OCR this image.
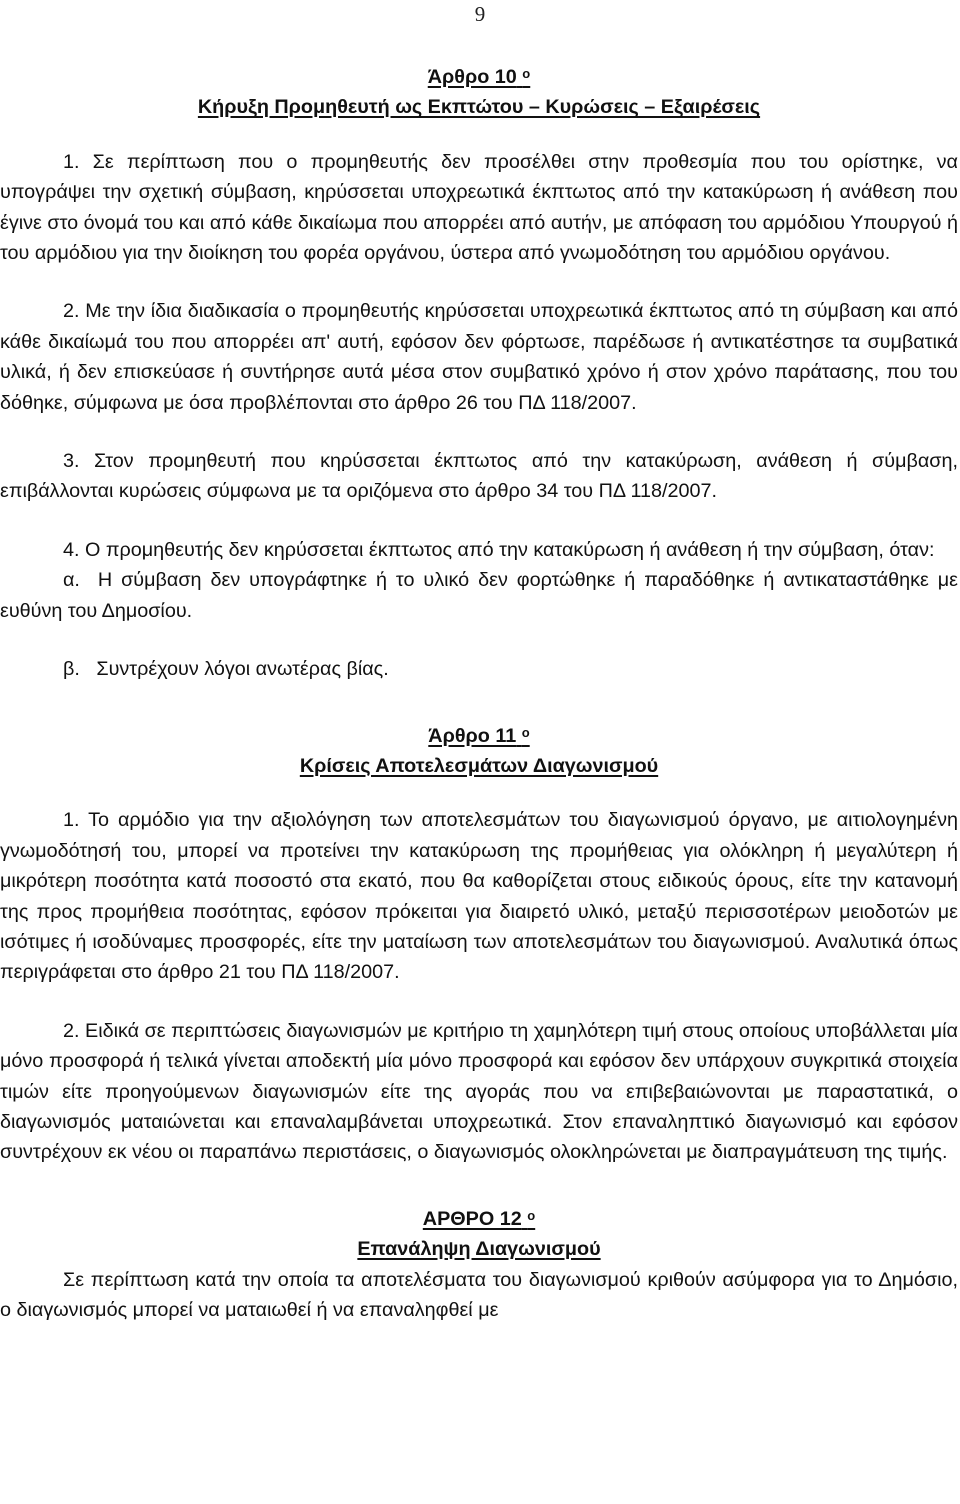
9
Άρθρο 10 $^o$
Κήρυξη Προμηθευτή ως Εκπτώτου – Κυρώσεις – Εξαιρέσεις

1. Σε περίπτωση που ο προμηθευτής δεν προσέλθει στην προθεσμία που του ορίστηκε, να υπογράψει την σχετική σύμβαση, κηρύσσεται υποχρεωτικά έκπτωτος από την κατακύρωση ή ανάθεση που έγινε στο όνομά του και από κάθε δικαίωμα που απορρέει από αυτήν, με απόφαση του αρμόδιου Υπουργού ή του αρμόδιου για την διοίκηση του φορέα οργάνου, ύστερα από γνωμοδότηση του αρμόδιου οργάνου.

2. Με την ίδια διαδικασία ο προμηθευτής κηρύσσεται υποχρεωτικά έκπτωτος από τη σύμβαση και από κάθε δικαίωμά του που απορρέει απ' αυτή, εφόσον δεν φόρτωσε, παρέδωσε ή αντικατέστησε τα συμβατικά υλικά, ή δεν επισκεύασε ή συντήρησε αυτά μέσα στον συμβατικό χρόνο ή στον χρόνο παράτασης, που του δόθηκε, σύμφωνα με όσα προβλέπονται στο άρθρο 26 του ΠΔ 118/2007.

3. Στον προμηθευτή που κηρύσσεται έκπτωτος από την κατακύρωση, ανάθεση ή σύμβαση, επιβάλλονται κυρώσεις σύμφωνα με τα οριζόμενα στο άρθρο 34 του ΠΔ 118/2007.

4. Ο προμηθευτής δεν κηρύσσεται έκπτωτος από την κατακύρωση ή ανάθεση ή την σύμβαση, όταν:

α. Η σύμβαση δεν υπογράφτηκε ή το υλικό δεν φορτώθηκε ή παραδόθηκε ή αντικαταστάθηκε με ευθύνη του Δημοσίου.

β. Συντρέχουν λόγοι ανωτέρας βίας.

Άρθρο 11 $^o$
Κρίσεις Αποτελεσμάτων Διαγωνισμού

1. Το αρμόδιο για την αξιολόγηση των αποτελεσμάτων του διαγωνισμού όργανο, με αιτιολογημένη γνωμοδότησή του, μπορεί να προτείνει την κατακύρωση της προμήθειας για ολόκληρη ή μεγαλύτερη ή μικρότερη ποσότητα κατά ποσοστό στα εκατό, που θα καθορίζεται στους ειδικούς όρους, είτε την κατανομή της προς προμήθεια ποσότητας, εφόσον πρόκειται για διαιρετό υλικό, μεταξύ περισσοτέρων μειοδοτών με ισότιμες ή ισοδύναμες προσφορές, είτε την ματαίωση των αποτελεσμάτων του διαγωνισμού. Αναλυτικά όπως περιγράφεται στο άρθρο 21 του ΠΔ 118/2007.

2. Ειδικά σε περιπτώσεις διαγωνισμών με κριτήριο τη χαμηλότερη τιμή στους οποίους υποβάλλεται μία μόνο προσφορά ή τελικά γίνεται αποδεκτή μία μόνο προσφορά και εφόσον δεν υπάρχουν συγκριτικά στοιχεία τιμών είτε προηγούμενων διαγωνισμών είτε της αγοράς που να επιβεβαιώνονται με παραστατικά, ο διαγωνισμός ματαιώνεται και επαναλαμβάνεται υποχρεωτικά. Στον επαναληπτικό διαγωνισμό και εφόσον συντρέχουν εκ νέου οι παραπάνω περιστάσεις, ο διαγωνισμός ολοκληρώνεται με διαπραγμάτευση της τιμής.

ΑΡΘΡΟ 12 $^o$
Επανάληψη Διαγωνισμού

Σε περίπτωση κατά την οποία τα αποτελέσματα του διαγωνισμού κριθούν ασύμφορα για το Δημόσιο, ο διαγωνισμός μπορεί να ματαιωθεί ή να επαναληφθεί με
